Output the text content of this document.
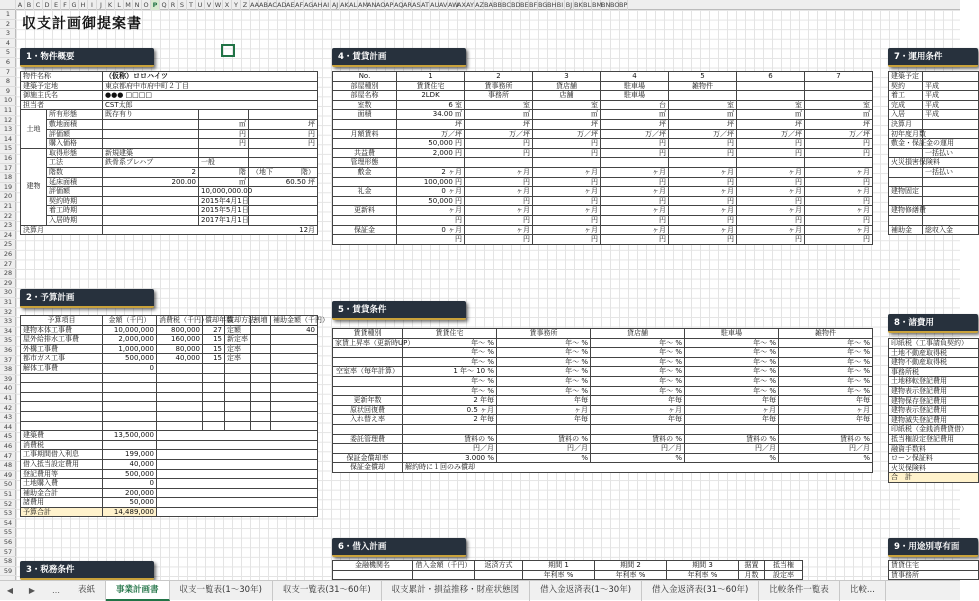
A B C D E F G H I	J K L M N O P Q R S T U V W X Y Z AA AB AC AD AE AF AG AH AI AJ AK AL AM
AN AO AP AQ AR AS AT AU AV AW
AX AY AZ BA BB BC BD BE BF BG BH BI BJ BK BL BM
BN BO BP
1
2
3
4
5
6
7
8
9
10
11
12
13
14
15
16
17
18
19
20
21
22
23
24
25
26
27
28
29
30
31
32
33
34
35
36
37
38
39
40
41
42
43
44
45
46
47
48
49
50
51
52
53
54
55
56
57
58
59
収支計画御提案書
1・物件概要
2・予算計画
3・税務条件
4・賃貸計画
5・賃貸条件
6・借入計画
7・運用条件
8・諸費用
9・用途別専有面
物件名称		（仮称）ロロハイツ		
建築予定地		東京都府中市府中町２丁目		
御施主氏名		●●● □□□□		
担当者		CST太郎		
土地	所有形態	既存有り		
	敷地面積		㎡	坪
	評価額		円	円
	購入価格		円	円
建物	取得形態	新規建築		
	工法	鉄骨系プレハブ	一般	
	階数	2	階	（地下　　　　階）
	延床面積	200.00	㎡	60.50 坪
	評価額		10,000,000.00	
	契約時期		2015年4月1日	
	着工時期		2015年5月1日	
	入居時期		2017年1月1日	
決算月		12月		
予算項目	金額（千円）	消費税（千円）	償却年数	償却方法	割増	補助金額（千円）
建物本体工事費	10,000,000	800,000	27	定額		40
屋外給排水工事費	2,000,000	160,000	15	新定率		
外構工事費	1,000,000	80,000	15	定率		
都市ガス工事	500,000	40,000	15	定率		
解体工事費	0					

建築費	13,500,000					
消費税						
工事期間借入利息	199,000					
借入抵当設定費用	40,000					
登記費用等	500,000					
土地購入費	0					
補助金合計	200,000					
諸費用	50,000					
予算合計	14,489,000					
No.	1	2	3	4	5	6	7
部屋種別	賃貸住宅	賃事務所	貸店舗	駐車場	雑物件		
部屋名称	2LDK	事務所	店舗	駐車場			
室数	6 室	室	室	台	室	室	室
面積	34.00 ㎡	㎡	㎡	㎡	㎡	㎡	㎡
	坪	坪	坪	坪	坪	坪	坪
月額賃料	万／坪	万／坪	万／坪	万／坪	万／坪	万／坪	万／坪
	50,000 円	円	円	円	円	円	円
共益費	2,000 円	円	円	円	円	円	円
管理形態							
敷金	2 ヶ月	ヶ月	ヶ月	ヶ月	ヶ月	ヶ月	ヶ月
	100,000 円	円	円	円	円	円	円
礼金	0 ヶ月	ヶ月	ヶ月	ヶ月	ヶ月	ヶ月	ヶ月
	50,000 円	円	円	円	円	円	円
更新料	ヶ月	ヶ月	ヶ月	ヶ月	ヶ月	ヶ月	ヶ月
	円	円	円	円	円	円	円
保証金	0 ヶ月	ヶ月	ヶ月	ヶ月	ヶ月	ヶ月	ヶ月
	円	円	円	円	円	円	円
賃貸種別	賃貸住宅	賃事務所	貸店舗	駐車場	雑物件
家賃上昇率（更新時UP）	年～ %	年～ %	年～ %	年～ %	年～ %
	年～ %	年～ %	年～ %	年～ %	年～ %
	年～ %	年～ %	年～ %	年～ %	年～ %
空室率（毎年計算）	1 年～ 10 %	年～ %	年～ %	年～ %	年～ %
	年～ %	年～ %	年～ %	年～ %	年～ %
	年～ %	年～ %	年～ %	年～ %	年～ %
更新年数	2 年毎	年毎	年毎	年毎	年毎
原状回復費	0.5 ヶ月	ヶ月	ヶ月	ヶ月	ヶ月
入れ替え率	2 年毎	年毎	年毎	年毎	年毎

委託管理費	賃料の %	賃料の %	賃料の %	賃料の %	賃料の %
	円／月	円／月	円／月	円／月	円／月
保証金償却率	3.000 %	%	%	%	%
保証金償却	解約時に１回のみ償却				
金融機関名	借入金額（千円）	返済方式	期間 1	期間 2	期間 3	据置	抵当権
			年利率 %	年利率 %	年利率 %	月数	設定率
建築予定	
契約	平成
着工	平成
完成	平成
入居	平成
決算月	
初年度月数	
敷金・保証金の運用	
	一括払い
火災損害保険料	
	一括払い

建物固定	

建物修繕費	

補助金	総収入金
印紙税（工事請負契約）
土地不動産取得税
建物不動産取得税
事務所税
土地移転登記費用
建物表示登記費用
建物保存登記費用
建物表示登記費用
建物滅失登記費用
印紙税（金銭消費貸借）
抵当権設定登記費用
融資手数料
ローン保証料
火災保険料
合　計
賃貸住宅
賃事務所
◀	▶	…	表紙	事業計画書	収支一覧表(1～30年)	収支一覧表(31～60年)	収支累計・損益推移・財産状態図	借入金返済表(1～30年)	借入金返済表(31～60年)	比較条件一覧表	比較...
